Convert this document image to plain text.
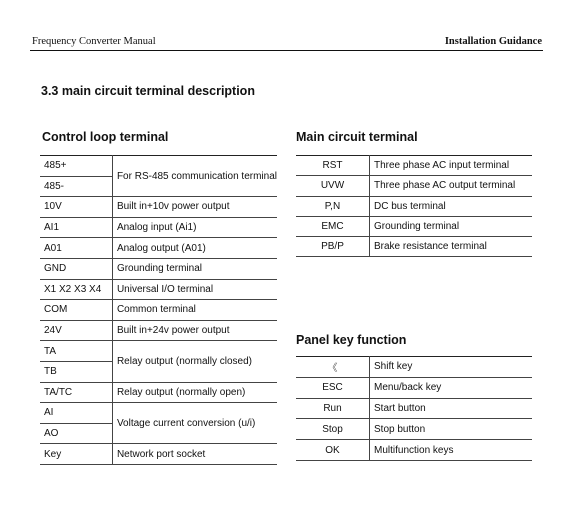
Frequency Converter Manual	Installation Guidance
3.3 main circuit terminal description
Control loop terminal
485+	For RS-485 communication terminal
485-	
10V	Built in+10v power output
AI1	Analog input (Ai1)
A01	Analog output (A01)
GND	Grounding terminal
X1 X2 X3 X4	Universal I/O terminal
COM	Common terminal
24V	Built in+24v power output
TA	Relay output (normally closed)
TB	
TA/TC	Relay output (normally open)
AI	Voltage current conversion (u/i)
AO	
Key	Network port socket
Main circuit terminal
RST	Three phase AC input terminal
UVW	Three phase AC output terminal
P,N	DC bus terminal
EMC	Grounding terminal
PB/P	Brake resistance terminal
Panel key function
《	Shift key
ESC	Menu/back key
Run	Start button
Stop	Stop button
OK	Multifunction keys
